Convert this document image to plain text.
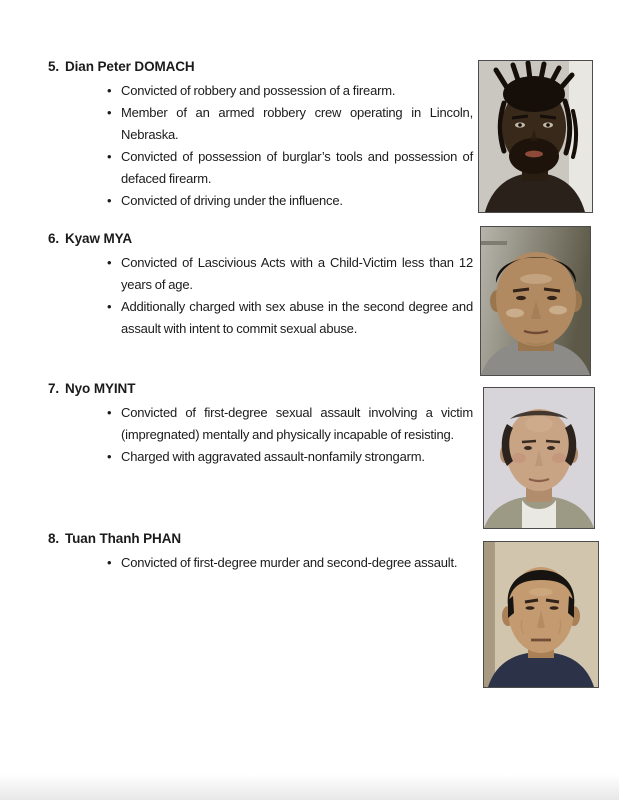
5. Dian Peter DOMACH
• Convicted of robbery and possession of a firearm.
• Member of an armed robbery crew operating in Lincoln,
Nebraska.
• Convicted of possession of burglar’s tools and possession of
defaced firearm.
• Convicted of driving under the influence.
6. Kyaw MYA
• Convicted of Lascivious Acts with a Child-Victim less than 12
years of age.
• Additionally charged with sex abuse in the second degree and
assault with intent to commit sexual abuse.
7. Nyo MYINT
• Convicted of first-degree sexual assault involving a victim
(impregnated) mentally and physically incapable of resisting.
• Charged with aggravated assault-nonfamily strongarm.
8. Tuan Thanh PHAN
• Convicted of first-degree murder and second-degree assault.
